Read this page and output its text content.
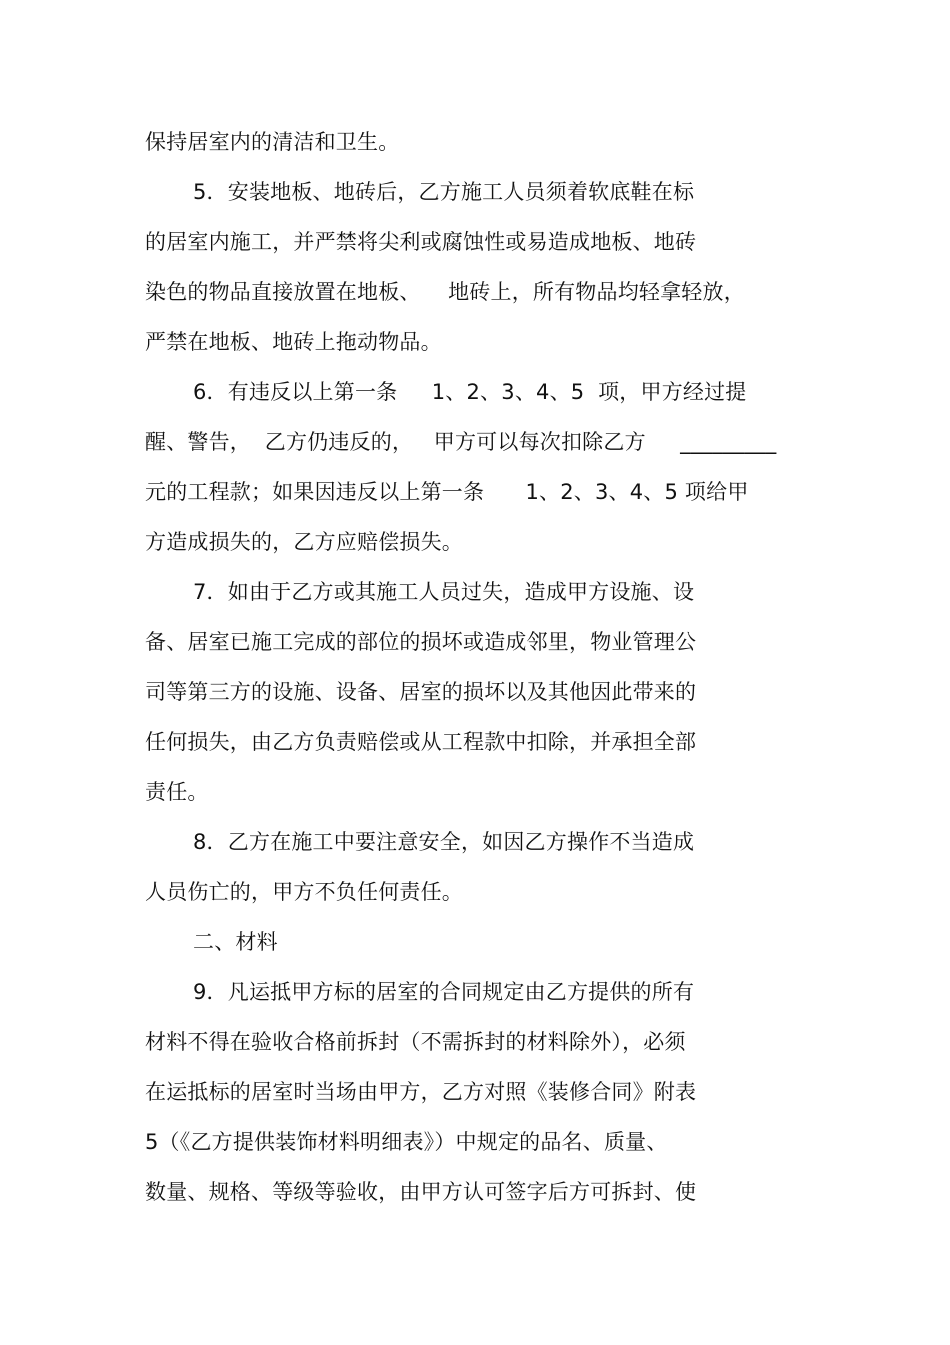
保持居室内的清洁和卫生。
5．安装地板、地砖后，乙方施工人员须着软底鞋在标
的居室内施工，并严禁将尖利或腐蚀性或易造成地板、地砖
染色的物品直接放置在地板、    地砖上，所有物品均轻拿轻放，
严禁在地板、地砖上拖动物品。
6．有违反以上第一条     1、2、3、4、5  项，甲方经过提
醒、警告，  乙方仍违反的，   甲方可以每次扣除乙方     _________
元的工程款；如果因违反以上第一条      1、2、3、4、5 项给甲
方造成损失的，乙方应赔偿损失。
7．如由于乙方或其施工人员过失，造成甲方设施、设
备、居室已施工完成的部位的损坏或造成邻里，物业管理公
司等第三方的设施、设备、居室的损坏以及其他因此带来的
任何损失，由乙方负责赔偿或从工程款中扣除，并承担全部
责任。
8．乙方在施工中要注意安全，如因乙方操作不当造成
人员伤亡的，甲方不负任何责任。
二、材料
9．凡运抵甲方标的居室的合同规定由乙方提供的所有
材料不得在验收合格前拆封（不需拆封的材料除外），必须
在运抵标的居室时当场由甲方，乙方对照《装修合同》附表
5（《乙方提供装饰材料明细表》）中规定的品名、质量、
数量、规格、等级等验收，由甲方认可签字后方可拆封、使
